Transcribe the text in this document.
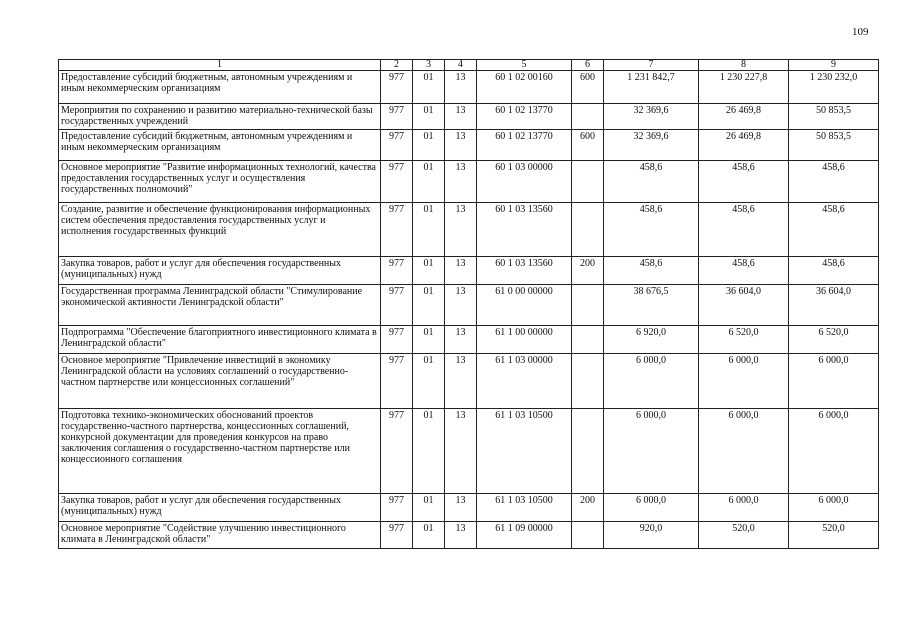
109
1	2	3	4	5	6	7	8	9
Предоставление субсидий бюджетным, автономным учреждениям и иным некоммерческим организациям	977	01	13	60 1 02 00160	600	1 231 842,7	1 230 227,8	1 230 232,0
Мероприятия по сохранению и развитию материально-технической базы государственных учреждений	977	01	13	60 1 02 13770		32 369,6	26 469,8	50 853,5
Предоставление субсидий бюджетным, автономным учреждениям и иным некоммерческим организациям	977	01	13	60 1 02 13770	600	32 369,6	26 469,8	50 853,5
Основное мероприятие "Развитие информационных технологий, качества предоставления государственных услуг и осуществления государственных полномочий"	977	01	13	60 1 03 00000		458,6	458,6	458,6
Создание, развитие и обеспечение функционирования информационных систем обеспечения предоставления государственных услуг и исполнения государственных функций	977	01	13	60 1 03 13560		458,6	458,6	458,6
Закупка товаров, работ и услуг для обеспечения государственных (муниципальных) нужд	977	01	13	60 1 03 13560	200	458,6	458,6	458,6
Государственная программа Ленинградской области "Стимулирование экономической активности Ленинградской области"	977	01	13	61 0 00 00000		38 676,5	36 604,0	36 604,0
Подпрограмма "Обеспечение благоприятного инвестиционного климата в Ленинградской области"	977	01	13	61 1 00 00000		6 920,0	6 520,0	6 520,0
Основное мероприятие "Привлечение инвестиций в экономику Ленинградской области на условиях соглашений о государственно-частном партнерстве или концессионных соглашений"	977	01	13	61 1 03 00000		6 000,0	6 000,0	6 000,0
Подготовка технико-экономических обоснований проектов государственно-частного партнерства, концессионных соглашений, конкурсной документации для проведения конкурсов на право заключения соглашения о государственно-частном партнерстве или концессионного соглашения	977	01	13	61 1 03 10500		6 000,0	6 000,0	6 000,0
Закупка товаров, работ и услуг для обеспечения государственных (муниципальных) нужд	977	01	13	61 1 03 10500	200	6 000,0	6 000,0	6 000,0
Основное мероприятие "Содействие улучшению инвестиционного климата в Ленинградской области"	977	01	13	61 1 09 00000		920,0	520,0	520,0
